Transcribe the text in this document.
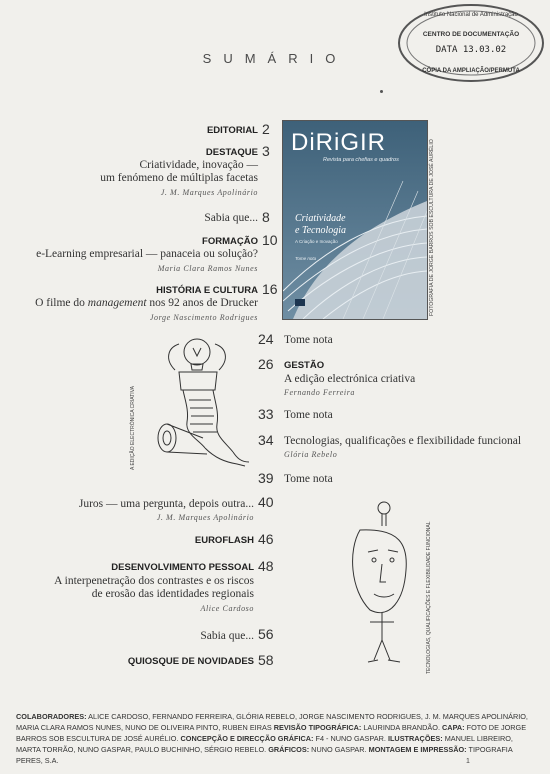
Instituto Nacional de Administração
CENTRO DE DOCUMENTAÇÃO
DATA 13.03.02
CÓPIA DA AMPLIAÇÃO/PERMUTA
SUMÁRIO
EDITORIAL 2
DESTAQUE 3
Criatividade, inovação —
um fenómeno de múltiplas facetas
J. M. Marques Apolinário
Sabia que... 8
FORMAÇÃO 10
e-Learning empresarial — panaceia ou solução?
Maria Clara Ramos Nunes
HISTÓRIA E CULTURA 16
O filme do management nos 92 anos de Drucker
Jorge Nascimento Rodrigues
DiRiGIR
Revista para chefias e quadros
Criatividade
e Tecnologia
A Criação e Inovação
Tome nota	FOTOGRAFIA DE JORGE BARROS SOB ESCULTURA DE JOSÉ AURÉLIO
24 Tome nota
26 GESTÃO
A edição electrónica criativa
Fernando Ferreira
33 Tome nota
34 Tecnologias, qualificações e flexibilidade funcional
Glória Rebelo
39 Tome nota
A EDIÇÃO ELECTRÓNICA CRIATIVA
Juros — uma pergunta, depois outra... 40
J. M. Marques Apolinário
EUROFLASH 46
DESENVOLVIMENTO PESSOAL 48
A interpenetração dos contrastes e os riscos
de erosão das identidades regionais
Alice Cardoso
Sabia que... 56
QUIOSQUE DE NOVIDADES 58	TECNOLOGIAS, QUALIFICAÇÕES E FLEXIBILIDADE FUNCIONAL
COLABORADORES: ALICE CARDOSO, FERNANDO FERREIRA, GLÓRIA REBELO, JORGE NASCIMENTO RODRIGUES, J. M. MARQUES APOLINÁRIO, MARIA CLARA RAMOS NUNES, NUNO DE OLIVEIRA PINTO, RUBEN EIRAS REVISÃO TIPOGRÁFICA: LAURINDA BRANDÃO. CAPA: FOTO DE JORGE BARROS SOB ESCULTURA DE JOSÉ AURÉLIO. CONCEPÇÃO E DIRECÇÃO GRÁFICA: F4 - NUNO GASPAR. ILUSTRAÇÕES: MANUEL LIBREIRO, MARTA TORRÃO, NUNO GASPAR, PAULO BUCHINHO, SÉRGIO REBELO. GRÁFICOS: NUNO GASPAR. MONTAGEM E IMPRESSÃO: TIPOGRAFIA PERES, S.A.	1
